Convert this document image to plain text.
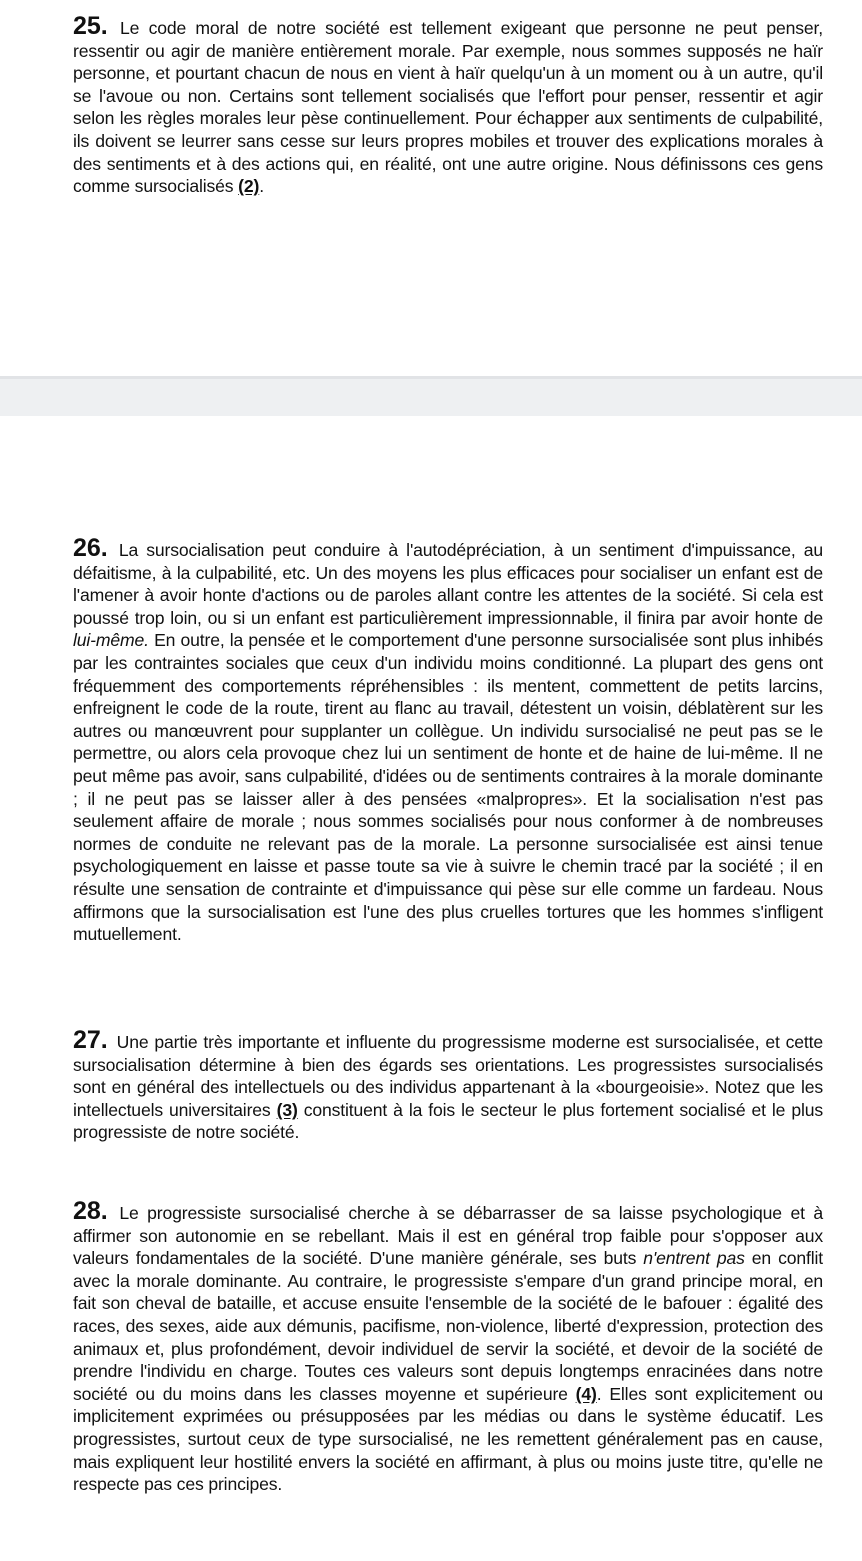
25. Le code moral de notre société est tellement exigeant que personne ne peut penser, ressentir ou agir de manière entièrement morale. Par exemple, nous sommes supposés ne haïr personne, et pourtant chacun de nous en vient à haïr quelqu'un à un moment ou à un autre, qu'il se l'avoue ou non. Certains sont tellement socialisés que l'effort pour penser, ressentir et agir selon les règles morales leur pèse continuellement. Pour échapper aux sentiments de culpabilité, ils doivent se leurrer sans cesse sur leurs propres mobiles et trouver des explications morales à des sentiments et à des actions qui, en réalité, ont une autre origine. Nous définissons ces gens comme sursocialisés (2).

26. La sursocialisation peut conduire à l'autodépréciation, à un sentiment d'impuissance, au défaitisme, à la culpabilité, etc. Un des moyens les plus efficaces pour socialiser un enfant est de l'amener à avoir honte d'actions ou de paroles allant contre les attentes de la société. Si cela est poussé trop loin, ou si un enfant est particulièrement impressionnable, il finira par avoir honte de lui-même. En outre, la pensée et le comportement d'une personne sursocialisée sont plus inhibés par les contraintes sociales que ceux d'un individu moins conditionné. La plupart des gens ont fréquemment des comportements répréhensibles : ils mentent, commettent de petits larcins, enfreignent le code de la route, tirent au flanc au travail, détestent un voisin, déblatèrent sur les autres ou manœuvrent pour supplanter un collègue. Un individu sursocialisé ne peut pas se le permettre, ou alors cela provoque chez lui un sentiment de honte et de haine de lui-même. Il ne peut même pas avoir, sans culpabilité, d'idées ou de sentiments contraires à la morale dominante ; il ne peut pas se laisser aller à des pensées «malpropres». Et la socialisation n'est pas seulement affaire de morale ; nous sommes socialisés pour nous conformer à de nombreuses normes de conduite ne relevant pas de la morale. La personne sursocialisée est ainsi tenue psychologiquement en laisse et passe toute sa vie à suivre le chemin tracé par la société ; il en résulte une sensation de contrainte et d'impuissance qui pèse sur elle comme un fardeau. Nous affirmons que la sursocialisation est l'une des plus cruelles tortures que les hommes s'infligent mutuellement.

27. Une partie très importante et influente du progressisme moderne est sursocialisée, et cette sursocialisation détermine à bien des égards ses orientations. Les progressistes sursocialisés sont en général des intellectuels ou des individus appartenant à la «bourgeoisie». Notez que les intellectuels universitaires (3) constituent à la fois le secteur le plus fortement socialisé et le plus progressiste de notre société.

28. Le progressiste sursocialisé cherche à se débarrasser de sa laisse psychologique et à affirmer son autonomie en se rebellant. Mais il est en général trop faible pour s'opposer aux valeurs fondamentales de la société. D'une manière générale, ses buts n'entrent pas en conflit avec la morale dominante. Au contraire, le progressiste s'empare d'un grand principe moral, en fait son cheval de bataille, et accuse ensuite l'ensemble de la société de le bafouer : égalité des races, des sexes, aide aux démunis, pacifisme, non-violence, liberté d'expression, protection des animaux et, plus profondément, devoir individuel de servir la société, et devoir de la société de prendre l'individu en charge. Toutes ces valeurs sont depuis longtemps enracinées dans notre société ou du moins dans les classes moyenne et supérieure (4). Elles sont explicitement ou implicitement exprimées ou présupposées par les médias ou dans le système éducatif. Les progressistes, surtout ceux de type sursocialisé, ne les remettent généralement pas en cause, mais expliquent leur hostilité envers la société en affirmant, à plus ou moins juste titre, qu'elle ne respecte pas ces principes.
